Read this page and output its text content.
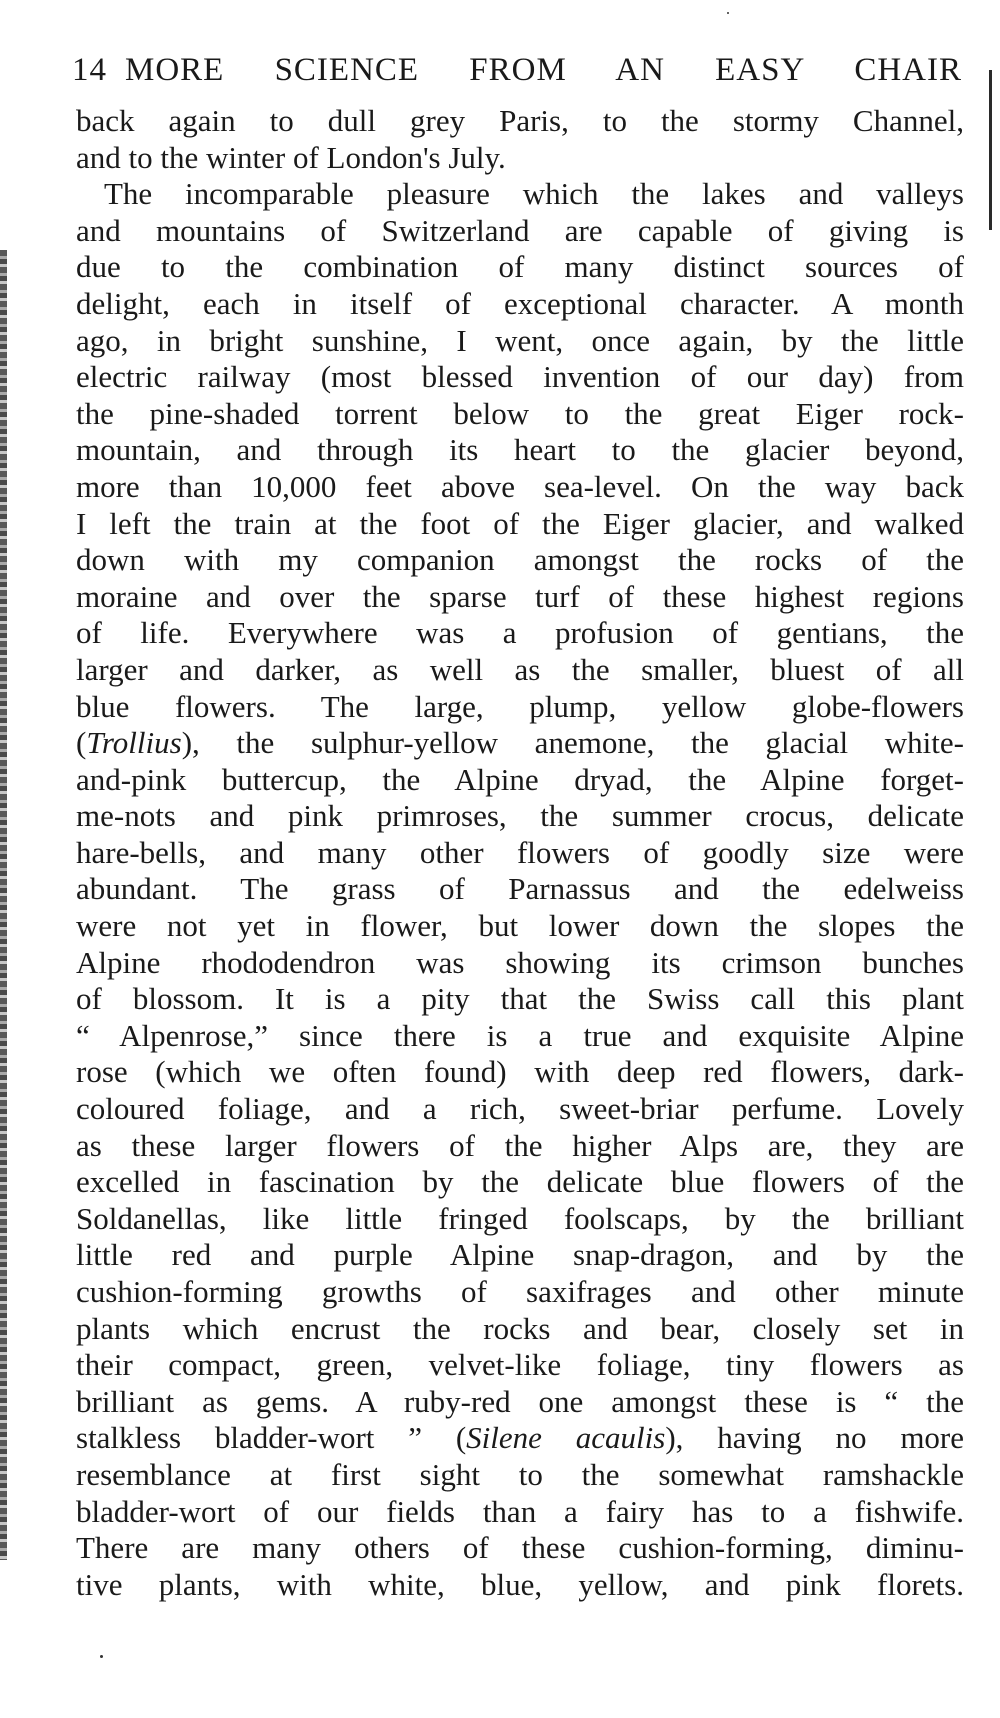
14 MORE SCIENCE FROM AN EASY CHAIR
back again to dull grey Paris, to the stormy Channel,
and to the winter of London's July.
The incomparable pleasure which the lakes and valleys
and mountains of Switzerland are capable of giving is
due to the combination of many distinct sources of
delight, each in itself of exceptional character. A month
ago, in bright sunshine, I went, once again, by the little
electric railway (most blessed invention of our day) from
the pine-shaded torrent below to the great Eiger rock-
mountain, and through its heart to the glacier beyond,
more than 10,000 feet above sea-level. On the way back
I left the train at the foot of the Eiger glacier, and walked
down with my companion amongst the rocks of the
moraine and over the sparse turf of these highest regions
of life. Everywhere was a profusion of gentians, the
larger and darker, as well as the smaller, bluest of all
blue flowers. The large, plump, yellow globe-flowers
(Trollius), the sulphur-yellow anemone, the glacial white-
and-pink buttercup, the Alpine dryad, the Alpine forget-
me-nots and pink primroses, the summer crocus, delicate
hare-bells, and many other flowers of goodly size were
abundant. The grass of Parnassus and the edelweiss
were not yet in flower, but lower down the slopes the
Alpine rhododendron was showing its crimson bunches
of blossom. It is a pity that the Swiss call this plant
“ Alpenrose,” since there is a true and exquisite Alpine
rose (which we often found) with deep red flowers, dark-
coloured foliage, and a rich, sweet-briar perfume. Lovely
as these larger flowers of the higher Alps are, they are
excelled in fascination by the delicate blue flowers of the
Soldanellas, like little fringed foolscaps, by the brilliant
little red and purple Alpine snap-dragon, and by the
cushion-forming growths of saxifrages and other minute
plants which encrust the rocks and bear, closely set in
their compact, green, velvet-like foliage, tiny flowers as
brilliant as gems. A ruby-red one amongst these is “ the
stalkless bladder-wort ” (Silene acaulis), having no more
resemblance at first sight to the somewhat ramshackle
bladder-wort of our fields than a fairy has to a fishwife.
There are many others of these cushion-forming, diminu-
tive plants, with white, blue, yellow, and pink florets.
